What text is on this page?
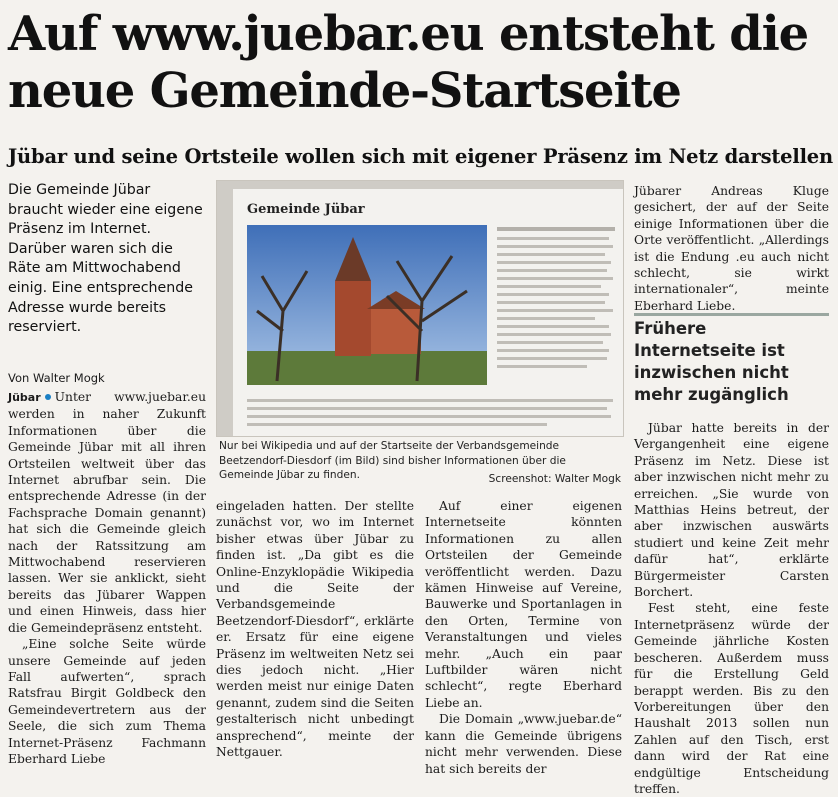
Auf www.juebar.eu entsteht die neue Gemeinde-Startseite
Jübar und seine Ortsteile wollen sich mit eigener Präsenz im Netz darstellen

Die Gemeinde Jübar braucht wieder eine eigene Präsenz im Internet. Darüber waren sich die Räte am Mittwochabend einig. Eine entsprechende Adresse wurde bereits reserviert.

Von Walter Mogk

Jübar Unter www.juebar.eu werden in naher Zukunft Informationen über die Gemeinde Jübar mit all ihren Ortsteilen weltweit über das Internet abrufbar sein. Die entsprechende Adresse (in der Fachsprache Domain genannt) hat sich die Gemeinde gleich nach der Ratssitzung am Mittwochabend reservieren lassen. Wer sie anklickt, sieht bereits das Jübarer Wappen und einen Hinweis, dass hier die Gemeindepräsenz entsteht.

„Eine solche Seite würde unsere Gemeinde auf jeden Fall aufwerten“, sprach Ratsfrau Birgit Goldbeck den Gemeindevertretern aus der Seele, die sich zum Thema Internet-Präsenz Fachmann Eberhard Liebe

Gemeinde Jübar
Nur bei Wikipedia und auf der Startseite der Verbandsgemeinde Beetzendorf-Diesdorf (im Bild) sind bisher Informationen über die Gemeinde Jübar zu finden.	Screenshot: Walter Mogk

eingeladen hatten. Der stellte zunächst vor, wo im Internet bisher etwas über Jübar zu finden ist. „Da gibt es die Online-Enzyklopädie Wikipedia und die Seite der Verbandsgemeinde Beetzendorf-Diesdorf“, erklärte er. Ersatz für eine eigene Präsenz im weltweiten Netz sei dies jedoch nicht. „Hier werden meist nur einige Daten genannt, zudem sind die Seiten gestalterisch nicht unbedingt ansprechend“, meinte der Nettgauer.

Auf einer eigenen Internetseite könnten Informationen zu allen Ortsteilen der Gemeinde veröffentlicht werden. Dazu kämen Hinweise auf Vereine, Bauwerke und Sportanlagen in den Orten, Termine von Veranstaltungen und vieles mehr. „Auch ein paar Luftbilder wären nicht schlecht“, regte Eberhard Liebe an.

Die Domain „www.juebar.de“ kann die Gemeinde übrigens nicht mehr verwenden. Diese hat sich bereits der

Jübarer Andreas Kluge gesichert, der auf der Seite einige Informationen über die Orte veröffentlicht. „Allerdings ist die Endung .eu auch nicht schlecht, sie wirkt internationaler“, meinte Eberhard Liebe.

Frühere Internetseite ist inzwischen nicht mehr zugänglich

Jübar hatte bereits in der Vergangenheit eine eigene Präsenz im Netz. Diese ist aber inzwischen nicht mehr zu erreichen. „Sie wurde von Matthias Heins betreut, der aber inzwischen auswärts studiert und keine Zeit mehr dafür hat“, erklärte Bürgermeister Carsten Borchert.

Fest steht, eine feste Internetpräsenz würde der Gemeinde jährliche Kosten bescheren. Außerdem muss für die Erstellung Geld berappt werden. Bis zu den Vorbereitungen über den Haushalt 2013 sollen nun Zahlen auf den Tisch, erst dann wird der Rat eine endgültige Entscheidung treffen.
